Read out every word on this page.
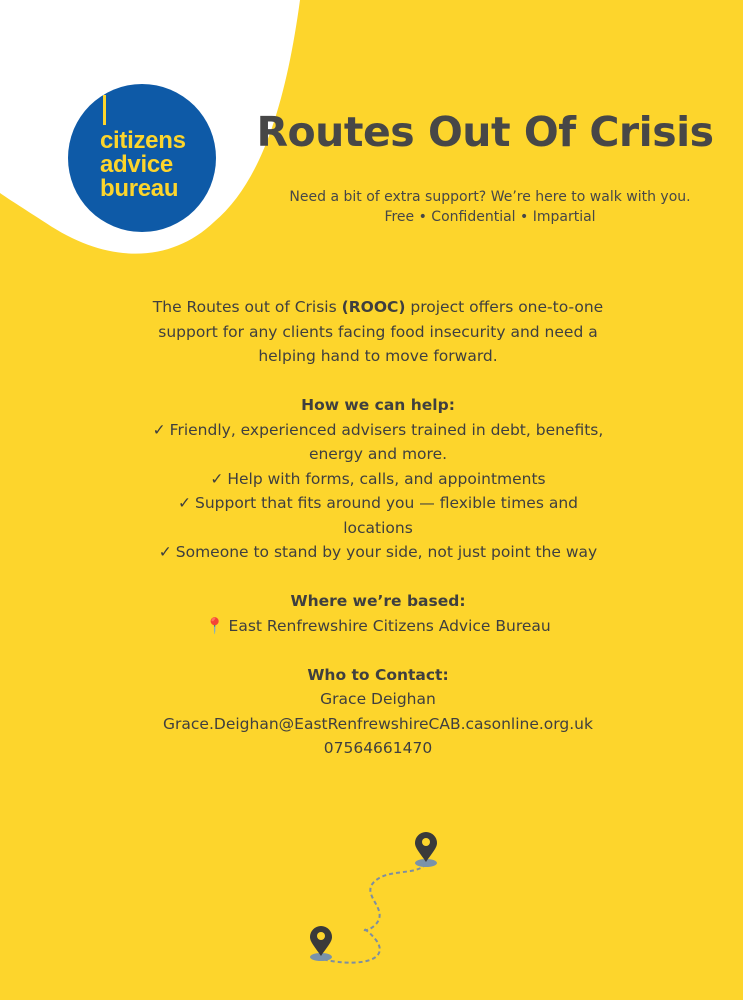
citizens
advice
bureau
Routes Out Of Crisis
Need a bit of extra support? We’re here to walk with you.
Free • Confidential • Impartial

The Routes out of Crisis (ROOC) project offers one-to-one support for any clients facing food insecurity and need a helping hand to move forward.

How we can help:

✓ Friendly, experienced advisers trained in debt, benefits, energy and more.

✓ Help with forms, calls, and appointments

✓ Support that fits around you — flexible times and locations

✓ Someone to stand by your side, not just point the way

Where we’re based:

📍 East Renfrewshire Citizens Advice Bureau

Who to Contact:

Grace Deighan

Grace.Deighan@EastRenfrewshireCAB.casonline.org.uk

07564661470
